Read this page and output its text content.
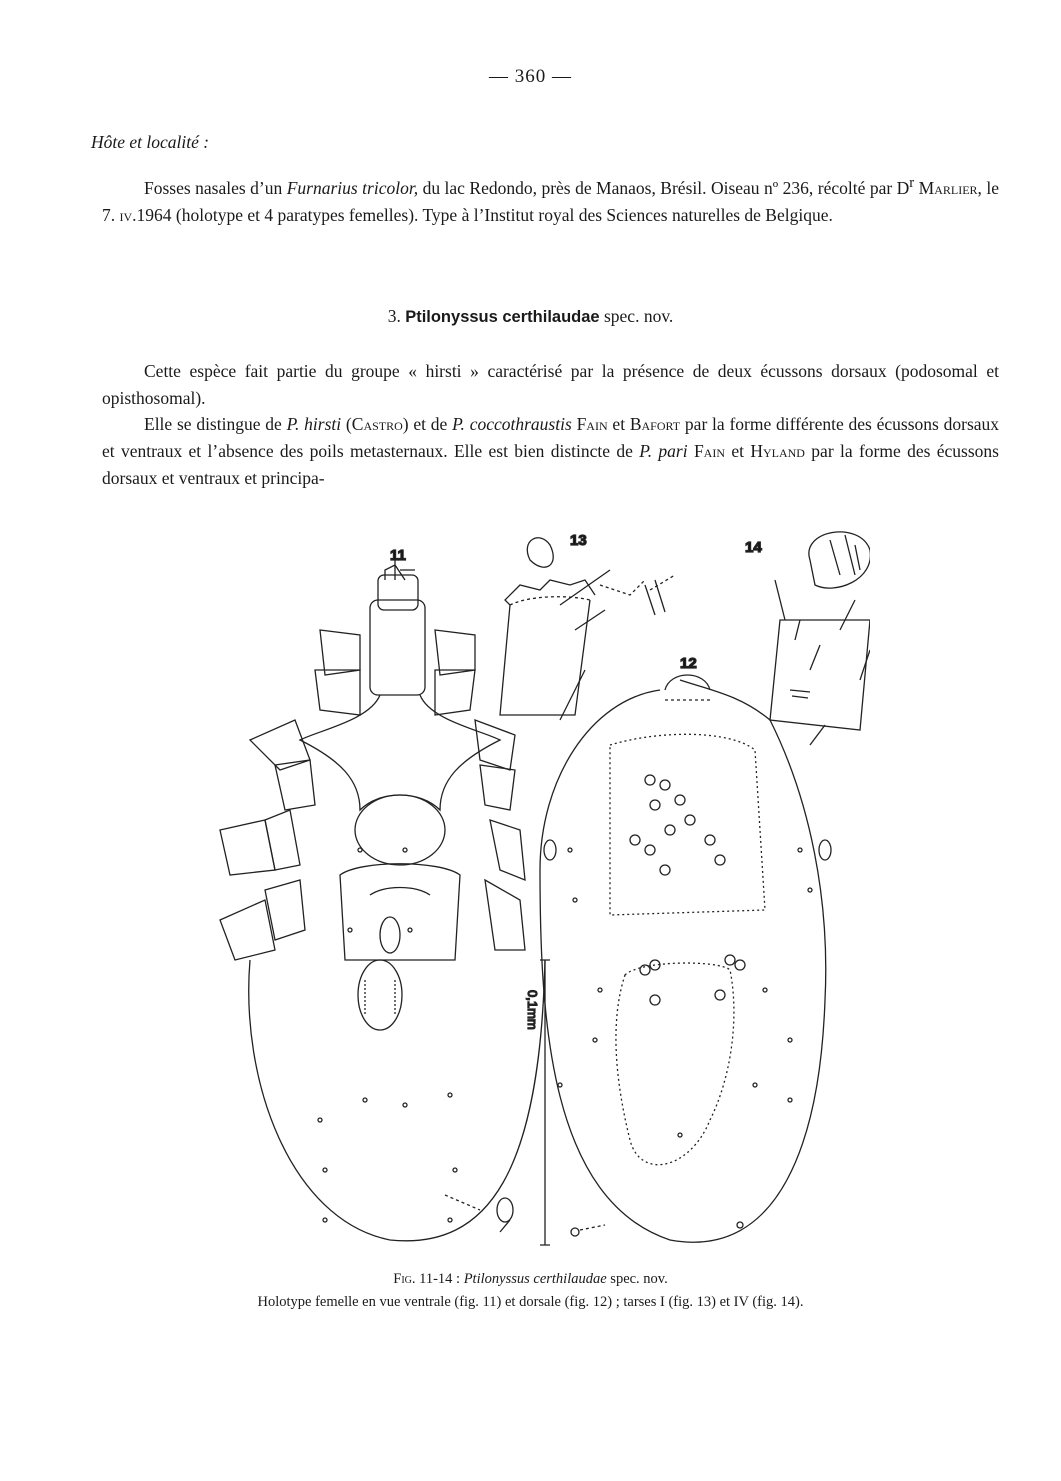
— 360 —
Hôte et localité :
Fosses nasales d’un Furnarius tricolor, du lac Redondo, près de Manaos, Brésil. Oiseau nº 236, récolté par $D^r$ Marlier, le 7. iv.1964 (holotype et 4 paratypes femelles). Type à l’Institut royal des Sciences naturelles de Belgique.
3. Ptilonyssus certhilaudae spec. nov.
Cette espèce fait partie du groupe « hirsti » caractérisé par la présence de deux écussons dorsaux (podosomal et opisthosomal).
Elle se distingue de P. hirsti (Castro) et de P. coccothraustis Fain et Bafort par la forme différente des écussons dorsaux et ventraux et l’absence des poils metasternaux. Elle est bien distincte de P. pari Fain et Hyland par la forme des écussons dorsaux et ventraux et principa-
11
12
13	14
0,1mm
Fig. 11-14 : Ptilonyssus certhilaudae spec. nov.
Holotype femelle en vue ventrale (fig. 11) et dorsale (fig. 12) ; tarses I (fig. 13) et IV (fig. 14).
